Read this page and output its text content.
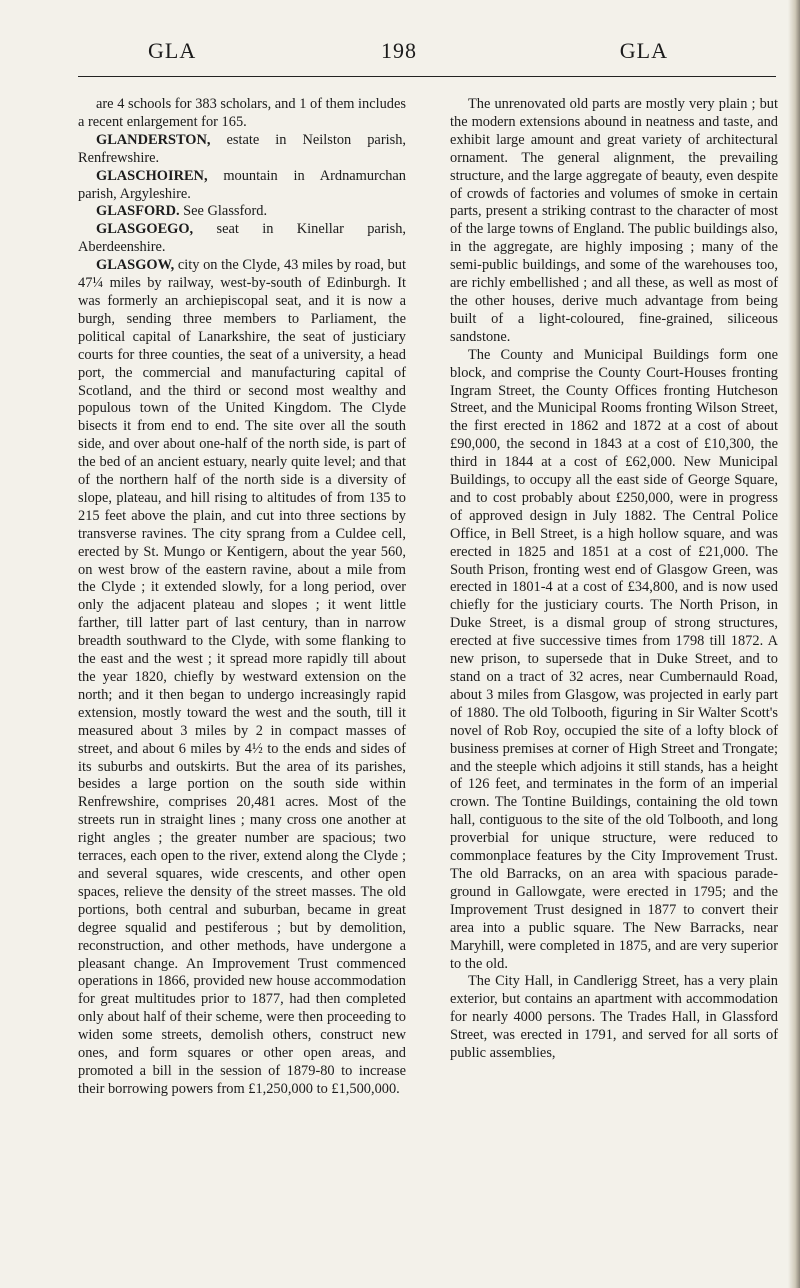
GLA	198	GLA

are 4 schools for 383 scholars, and 1 of them includes a recent enlargement for 165.

GLANDERSTON, estate in Neilston parish, Renfrewshire.

GLASCHOIREN, mountain in Ardnamurchan parish, Argyleshire.

GLASFORD. See Glassford.

GLASGOEGO, seat in Kinellar parish, Aberdeenshire.

GLASGOW, city on the Clyde, 43 miles by road, but 47¼ miles by railway, west-by-south of Edinburgh. It was formerly an archiepiscopal seat, and it is now a burgh, sending three members to Parliament, the political capital of Lanarkshire, the seat of justiciary courts for three counties, the seat of a university, a head port, the commercial and manufacturing capital of Scotland, and the third or second most wealthy and populous town of the United Kingdom. The Clyde bisects it from end to end. The site over all the south side, and over about one-half of the north side, is part of the bed of an ancient estuary, nearly quite level; and that of the northern half of the north side is a diversity of slope, plateau, and hill rising to altitudes of from 135 to 215 feet above the plain, and cut into three sections by transverse ravines. The city sprang from a Culdee cell, erected by St. Mungo or Kentigern, about the year 560, on west brow of the eastern ravine, about a mile from the Clyde ; it extended slowly, for a long period, over only the adjacent plateau and slopes ; it went little farther, till latter part of last century, than in narrow breadth southward to the Clyde, with some flanking to the east and the west ; it spread more rapidly till about the year 1820, chiefly by westward extension on the north; and it then began to undergo increasingly rapid extension, mostly toward the west and the south, till it measured about 3 miles by 2 in compact masses of street, and about 6 miles by 4½ to the ends and sides of its suburbs and outskirts. But the area of its parishes, besides a large portion on the south side within Renfrewshire, comprises 20,481 acres. Most of the streets run in straight lines ; many cross one another at right angles ; the greater number are spacious; two terraces, each open to the river, extend along the Clyde ; and several squares, wide crescents, and other open spaces, relieve the density of the street masses. The old portions, both central and suburban, became in great degree squalid and pestiferous ; but by demolition, reconstruction, and other methods, have undergone a pleasant change. An Improvement Trust commenced operations in 1866, provided new house accommodation for great multitudes prior to 1877, had then completed only about half of their scheme, were then proceeding to widen some streets, demolish others, construct new ones, and form squares or other open areas, and promoted a bill in the session of 1879-80 to increase their borrowing powers from £1,250,000 to £1,500,000.

The unrenovated old parts are mostly very plain ; but the modern extensions abound in neatness and taste, and exhibit large amount and great variety of architectural ornament. The general alignment, the prevailing structure, and the large aggregate of beauty, even despite of crowds of factories and volumes of smoke in certain parts, present a striking contrast to the character of most of the large towns of England. The public buildings also, in the aggregate, are highly imposing ; many of the semi-public buildings, and some of the warehouses too, are richly embellished ; and all these, as well as most of the other houses, derive much advantage from being built of a light-coloured, fine-grained, siliceous sandstone.

The County and Municipal Buildings form one block, and comprise the County Court-Houses fronting Ingram Street, the County Offices fronting Hutcheson Street, and the Municipal Rooms fronting Wilson Street, the first erected in 1862 and 1872 at a cost of about £90,000, the second in 1843 at a cost of £10,300, the third in 1844 at a cost of £62,000. New Municipal Buildings, to occupy all the east side of George Square, and to cost probably about £250,000, were in progress of approved design in July 1882. The Central Police Office, in Bell Street, is a high hollow square, and was erected in 1825 and 1851 at a cost of £21,000. The South Prison, fronting west end of Glasgow Green, was erected in 1801-4 at a cost of £34,800, and is now used chiefly for the justiciary courts. The North Prison, in Duke Street, is a dismal group of strong structures, erected at five successive times from 1798 till 1872. A new prison, to supersede that in Duke Street, and to stand on a tract of 32 acres, near Cumbernauld Road, about 3 miles from Glasgow, was projected in early part of 1880. The old Tolbooth, figuring in Sir Walter Scott's novel of Rob Roy, occupied the site of a lofty block of business premises at corner of High Street and Trongate; and the steeple which adjoins it still stands, has a height of 126 feet, and terminates in the form of an imperial crown. The Tontine Buildings, containing the old town hall, contiguous to the site of the old Tolbooth, and long proverbial for unique structure, were reduced to commonplace features by the City Improvement Trust. The old Barracks, on an area with spacious parade-ground in Gallowgate, were erected in 1795; and the Improvement Trust designed in 1877 to convert their area into a public square. The New Barracks, near Maryhill, were completed in 1875, and are very superior to the old.

The City Hall, in Candlerigg Street, has a very plain exterior, but contains an apartment with accommodation for nearly 4000 persons. The Trades Hall, in Glassford Street, was erected in 1791, and served for all sorts of public assemblies,
